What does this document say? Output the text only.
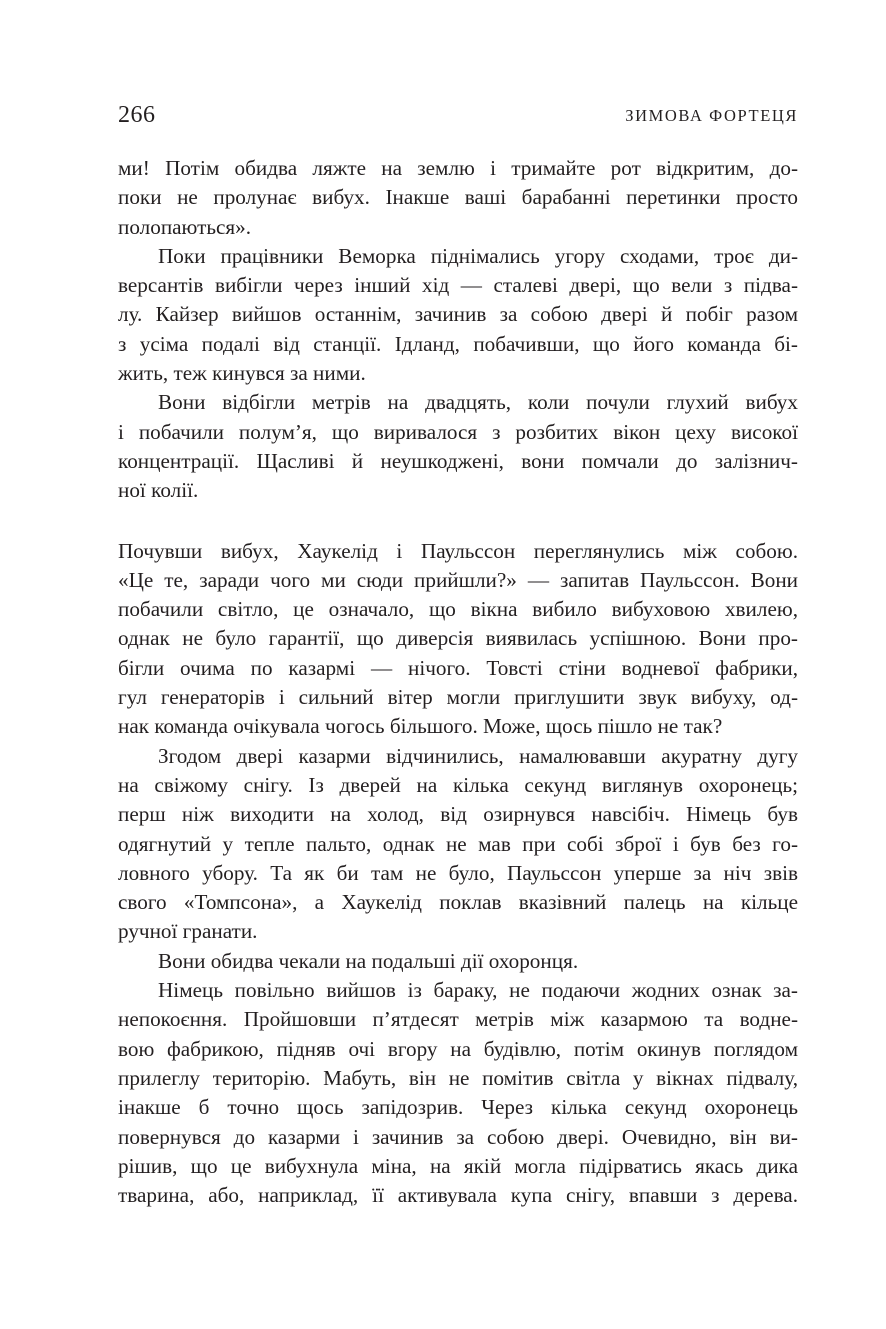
266	ЗИМОВА ФОРТЕЦЯ
ми! Потім обидва ляжте на землю і тримайте рот відкритим, до-
поки не пролунає вибух. Інакше ваші барабанні перетинки просто
полопаються».
Поки працівники Веморка піднімались угору сходами, троє ди-
версантів вибігли через інший хід — сталеві двері, що вели з підва-
лу. Кайзер вийшов останнім, зачинив за собою двері й побіг разом
з усіма подалі від станції. Ідланд, побачивши, що його команда бі-
жить, теж кинувся за ними.
Вони відбігли метрів на двадцять, коли почули глухий вибух
і побачили полум’я, що виривалося з розбитих вікон цеху високої
концентрації. Щасливі й неушкоджені, вони помчали до залізнич-
ної колії.
Почувши вибух, Хаукелід і Паульссон переглянулись між собою.
«Це те, заради чого ми сюди прийшли?» — запитав Паульссон. Вони
побачили світло, це означало, що вікна вибило вибуховою хвилею,
однак не було гарантії, що диверсія виявилась успішною. Вони про-
бігли очима по казармі — нічого. Товсті стіни водневої фабрики,
гул генераторів і сильний вітер могли приглушити звук вибуху, од-
нак команда очікувала чогось більшого. Може, щось пішло не так?
Згодом двері казарми відчинились, намалювавши акуратну дугу
на свіжому снігу. Із дверей на кілька секунд виглянув охоронець;
перш ніж виходити на холод, від озирнувся навсібіч. Німець був
одягнутий у тепле пальто, однак не мав при собі зброї і був без го-
ловного убору. Та як би там не було, Паульссон уперше за ніч звів
свого «Томпсона», а Хаукелід поклав вказівний палець на кільце
ручної гранати.
Вони обидва чекали на подальші дії охоронця.
Німець повільно вийшов із бараку, не подаючи жодних ознак за-
непокоєння. Пройшовши п’ятдесят метрів між казармою та водне-
вою фабрикою, підняв очі вгору на будівлю, потім окинув поглядом
прилеглу територію. Мабуть, він не помітив світла у вікнах підвалу,
інакше б точно щось запідозрив. Через кілька секунд охоронець
повернувся до казарми і зачинив за собою двері. Очевидно, він ви-
рішив, що це вибухнула міна, на якій могла підірватись якась дика
тварина, або, наприклад, її активувала купа снігу, впавши з дерева.
